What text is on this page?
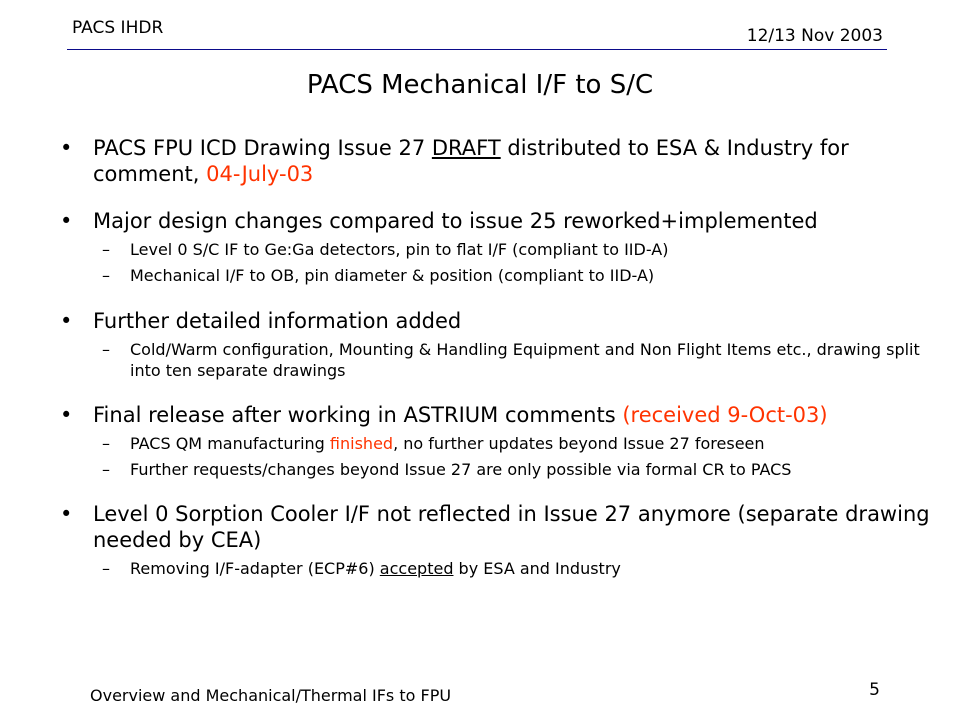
PACS IHDR	12/13 Nov 2003
PACS Mechanical I/F to S/C
• PACS FPU ICD Drawing Issue 27 DRAFT distributed to ESA & Industry for comment, 04-July-03
• Major design changes compared to issue 25 reworked+implemented
– Level 0 S/C IF to Ge:Ga detectors, pin to flat I/F (compliant to IID-A)
– Mechanical I/F to OB, pin diameter & position (compliant to IID-A)
• Further detailed information added
– Cold/Warm configuration, Mounting & Handling Equipment and Non Flight Items etc., drawing split into ten separate drawings
• Final release after working in ASTRIUM comments (received 9-Oct-03)
– PACS QM manufacturing finished, no further updates beyond Issue 27 foreseen
– Further requests/changes beyond Issue 27 are only possible via formal CR to PACS
• Level 0 Sorption Cooler I/F not reflected in Issue 27 anymore (separate drawing needed by CEA)
– Removing I/F-adapter (ECP#6) accepted by ESA and Industry
Overview and Mechanical/Thermal IFs to FPU	5
